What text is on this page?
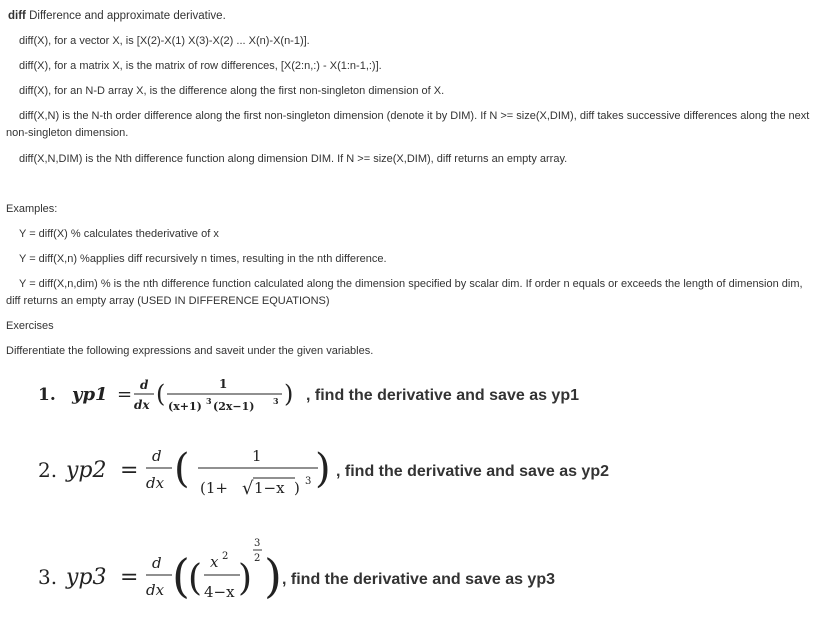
diff Difference and approximate derivative.
diff(X), for a vector X, is [X(2)-X(1) X(3)-X(2) ... X(n)-X(n-1)].
diff(X), for a matrix X, is the matrix of row differences, [X(2:n,:) - X(1:n-1,:)].
diff(X), for an N-D array X, is the difference along the first non-singleton dimension of X.
diff(X,N) is the N-th order difference along the first non-singleton dimension (denote it by DIM). If N >= size(X,DIM), diff takes successive differences along the next non-singleton dimension.
diff(X,N,DIM) is the Nth difference function along dimension DIM. If N >= size(X,DIM), diff returns an empty array.
Examples:
Y = diff(X) % calculates thederivative of x
Y = diff(X,n) %applies diff recursively n times, resulting in the nth difference.
Y = diff(X,n,dim) % is the nth difference function calculated along the dimension specified by scalar dim. If order n equals or exceeds the length of dimension dim, diff returns an empty array (USED IN DIFFERENCE EQUATIONS)
Exercises
Differentiate the following expressions and saveit under the given variables.
1. yp1 = d
dx (	1
(x+1) 3 (2x−1) 3 ) , find the derivative and save as yp1
2. yp2 =
d
dx (	1
(1+ √ 1−x ) 3 ) , find the derivative and save as yp2
3. yp3 =
d
dx (
( x 2
4−x )
3
2 ) , find the derivative and save as yp3
